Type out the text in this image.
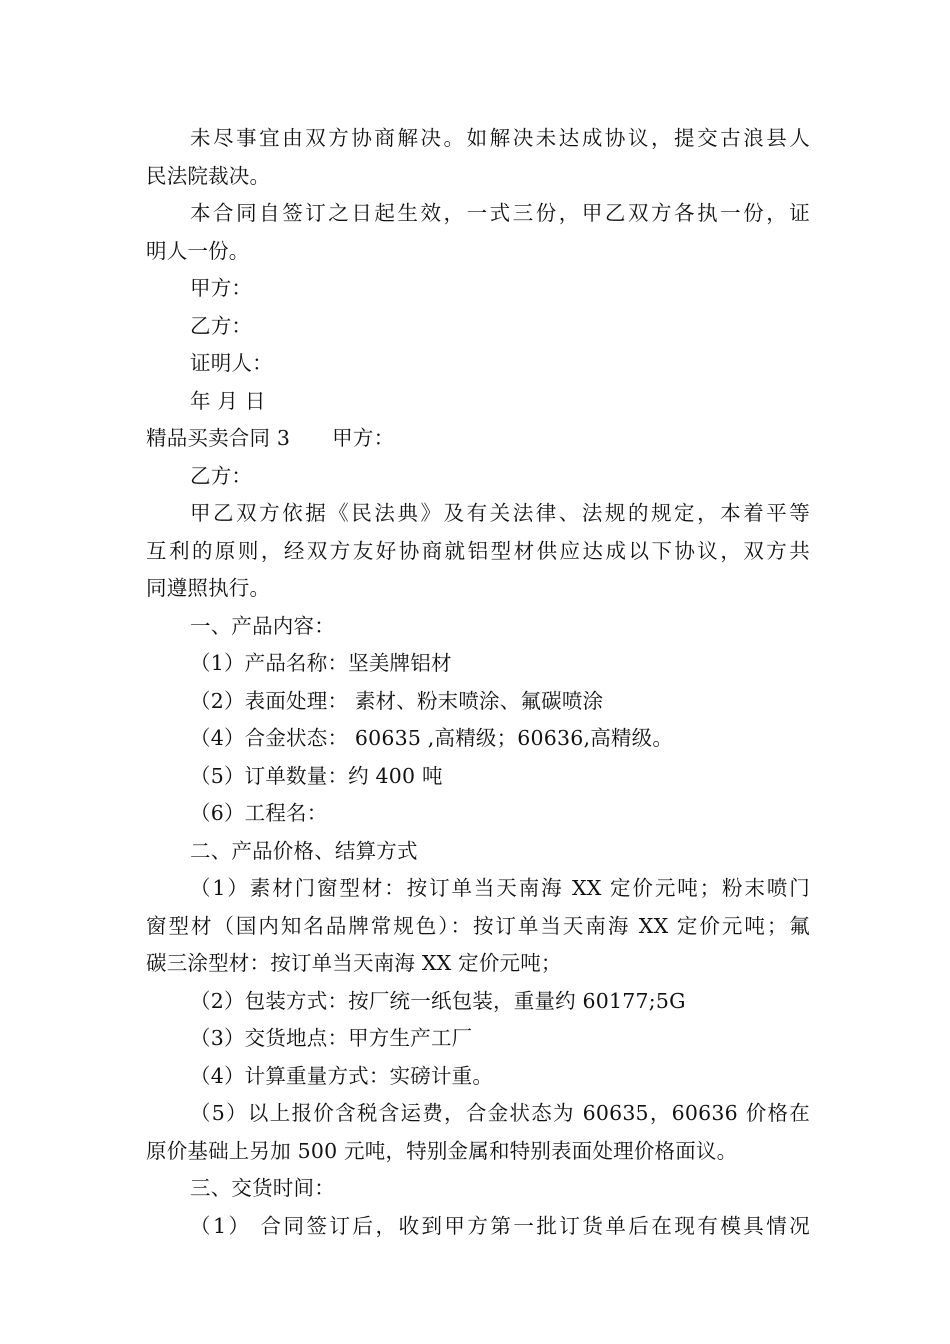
未尽事宜由双方协商解决。如解决未达成协议，提交古浪县人
民法院裁决。
本合同自签订之日起生效，一式三份，甲乙双方各执一份，证
明人一份。
甲方：
乙方：
证明人：
年 月 日
精品买卖合同 3 甲方：
乙方：
甲乙双方依据《民法典》及有关法律、法规的规定，本着平等
互利的原则，经双方友好协商就铝型材供应达成以下协议，双方共
同遵照执行。
一、产品内容：
（1）产品名称：坚美牌铝材
（2）表面处理： 素材、粉末喷涂、氟碳喷涂
（4）合金状态： 60635 ,高精级；60636,高精级。
（5）订单数量：约 400 吨
（6）工程名：
二、产品价格、结算方式
（1）素材门窗型材：按订单当天南海 XX 定价元吨；粉末喷门
窗型材（国内知名品牌常规色）：按订单当天南海 XX 定价元吨；氟
碳三涂型材：按订单当天南海 XX 定价元吨；
（2）包装方式：按厂统一纸包装，重量约 60177;5G
（3）交货地点：甲方生产工厂
（4）计算重量方式：实磅计重。
（5）以上报价含税含运费，合金状态为 60635，60636 价格在
原价基础上另加 500 元吨，特别金属和特别表面处理价格面议。
三、交货时间：
（1） 合同签订后，收到甲方第一批订货单后在现有模具情况
